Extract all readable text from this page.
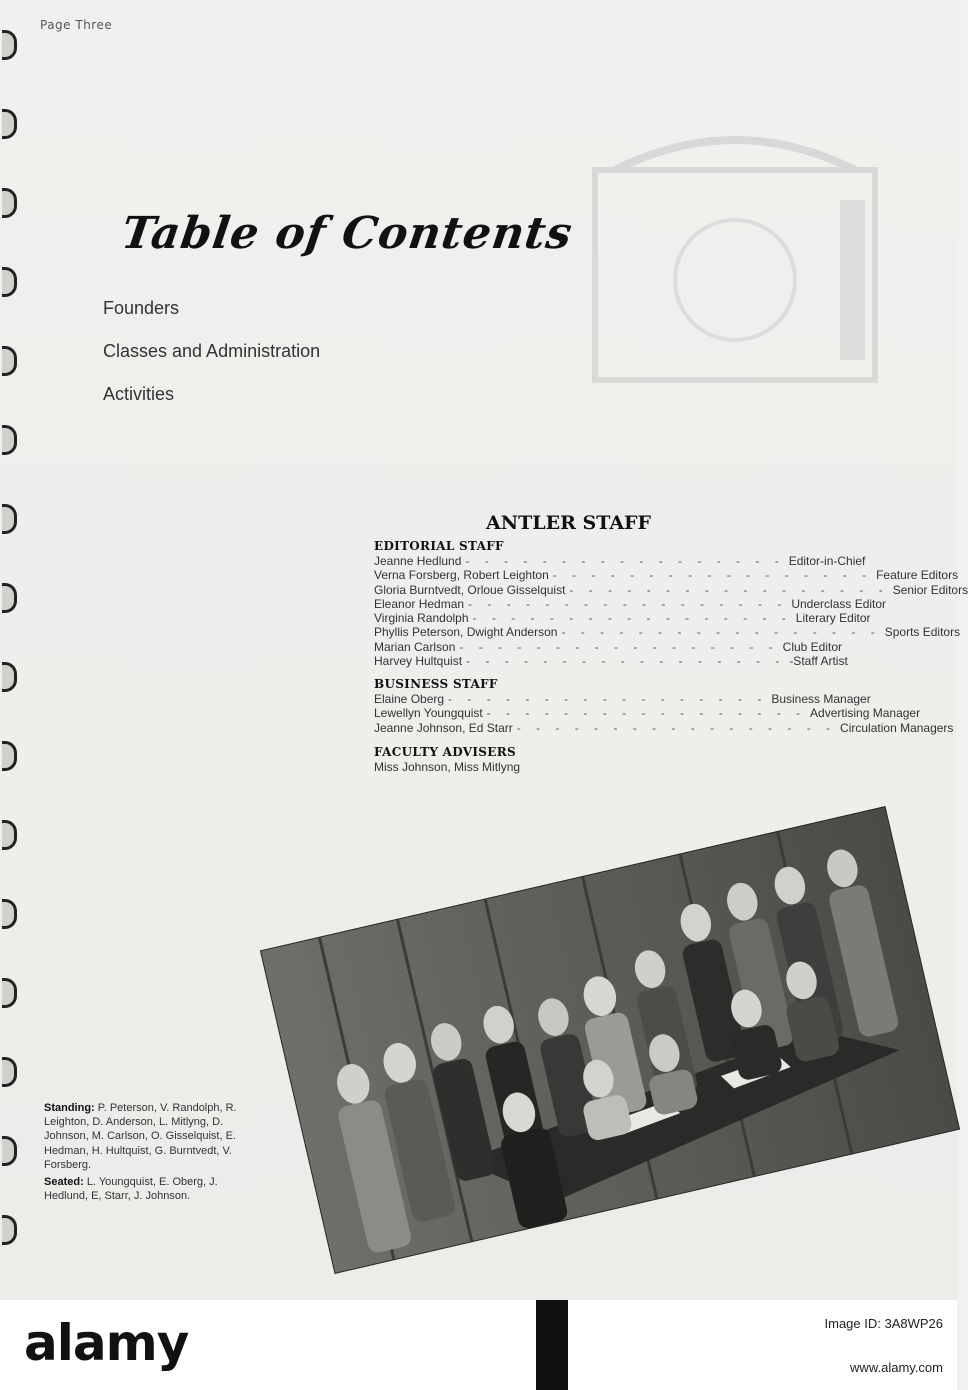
Page Three
Table of Contents
Founders
Classes and Administration
Activities
ANTLER STAFF
EDITORIAL STAFF
Jeanne Hedlund - - - - - - - - - - - - - - - - - Editor-in-Chief
Verna Forsberg, Robert Leighton - - - - - - - - - - - - - - - - - Feature Editors
Gloria Burntvedt, Orloue Gisselquist - - - - - - - - - - - - - - - - - Senior Editors
Eleanor Hedman - - - - - - - - - - - - - - - - - Underclass Editor
Virginia Randolph - - - - - - - - - - - - - - - - - Literary Editor
Phyllis Peterson, Dwight Anderson - - - - - - - - - - - - - - - - - Sports Editors
Marian Carlson - - - - - - - - - - - - - - - - - Club Editor
Harvey Hultquist - - - - - - - - - - - - - - - - - -Staff Artist
BUSINESS STAFF
Elaine Oberg - - - - - - - - - - - - - - - - - Business Manager
Lewellyn Youngquist - - - - - - - - - - - - - - - - - Advertising Manager
Jeanne Johnson, Ed Starr - - - - - - - - - - - - - - - - - Circulation Managers
FACULTY ADVISERS
Miss Johnson, Miss Mitlyng
Standing: P. Peterson, V. Randolph, R. Leighton, D. Anderson, L. Mitlyng, D. Johnson, M. Carlson, O. Gisselquist, E. Hedman, H. Hultquist, G. Burntvedt, V. Forsberg.
Seated: L. Youngquist, E. Oberg, J. Hedlund, E, Starr, J. Johnson.
alamy	Image ID: 3A8WP26
www.alamy.com
